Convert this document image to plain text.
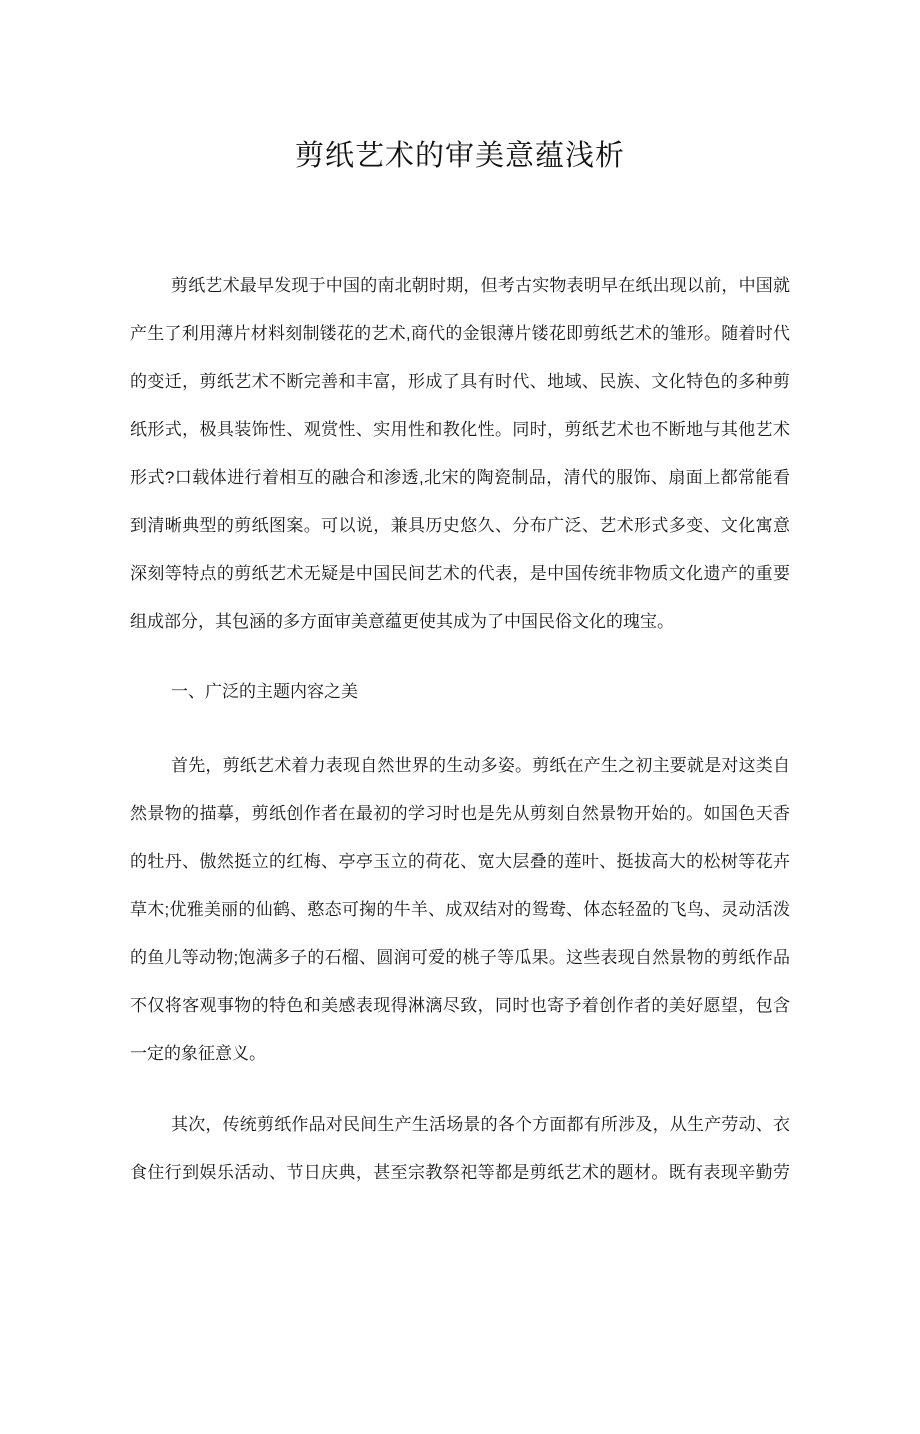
剪纸艺术的审美意蕴浅析
剪纸艺术最早发现于中国的南北朝时期，但考古实物表明早在纸出现以前，中国就
产生了利用薄片材料刻制镂花的艺术,商代的金银薄片镂花即剪纸艺术的雏形。随着时代
的变迁，剪纸艺术不断完善和丰富，形成了具有时代、地域、民族、文化特色的多种剪
纸形式，极具装饰性、观赏性、实用性和教化性。同时，剪纸艺术也不断地与其他艺术
形式?口载体进行着相互的融合和渗透,北宋的陶瓷制品，清代的服饰、扇面上都常能看
到清晰典型的剪纸图案。可以说，兼具历史悠久、分布广泛、艺术形式多变、文化寓意
深刻等特点的剪纸艺术无疑是中国民间艺术的代表，是中国传统非物质文化遗产的重要
组成部分，其包涵的多方面审美意蕴更使其成为了中国民俗文化的瑰宝。
一、广泛的主题内容之美
首先，剪纸艺术着力表现自然世界的生动多姿。剪纸在产生之初主要就是对这类自
然景物的描摹，剪纸创作者在最初的学习时也是先从剪刻自然景物开始的。如国色天香
的牡丹、傲然挺立的红梅、亭亭玉立的荷花、宽大层叠的莲叶、挺拔高大的松树等花卉
草木;优雅美丽的仙鹤、憨态可掬的牛羊、成双结对的鸳鸯、体态轻盈的飞鸟、灵动活泼
的鱼儿等动物;饱满多子的石榴、圆润可爱的桃子等瓜果。这些表现自然景物的剪纸作品
不仅将客观事物的特色和美感表现得淋漓尽致，同时也寄予着创作者的美好愿望，包含
一定的象征意义。
其次，传统剪纸作品对民间生产生活场景的各个方面都有所涉及，从生产劳动、衣
食住行到娱乐活动、节日庆典，甚至宗教祭祀等都是剪纸艺术的题材。既有表现辛勤劳
